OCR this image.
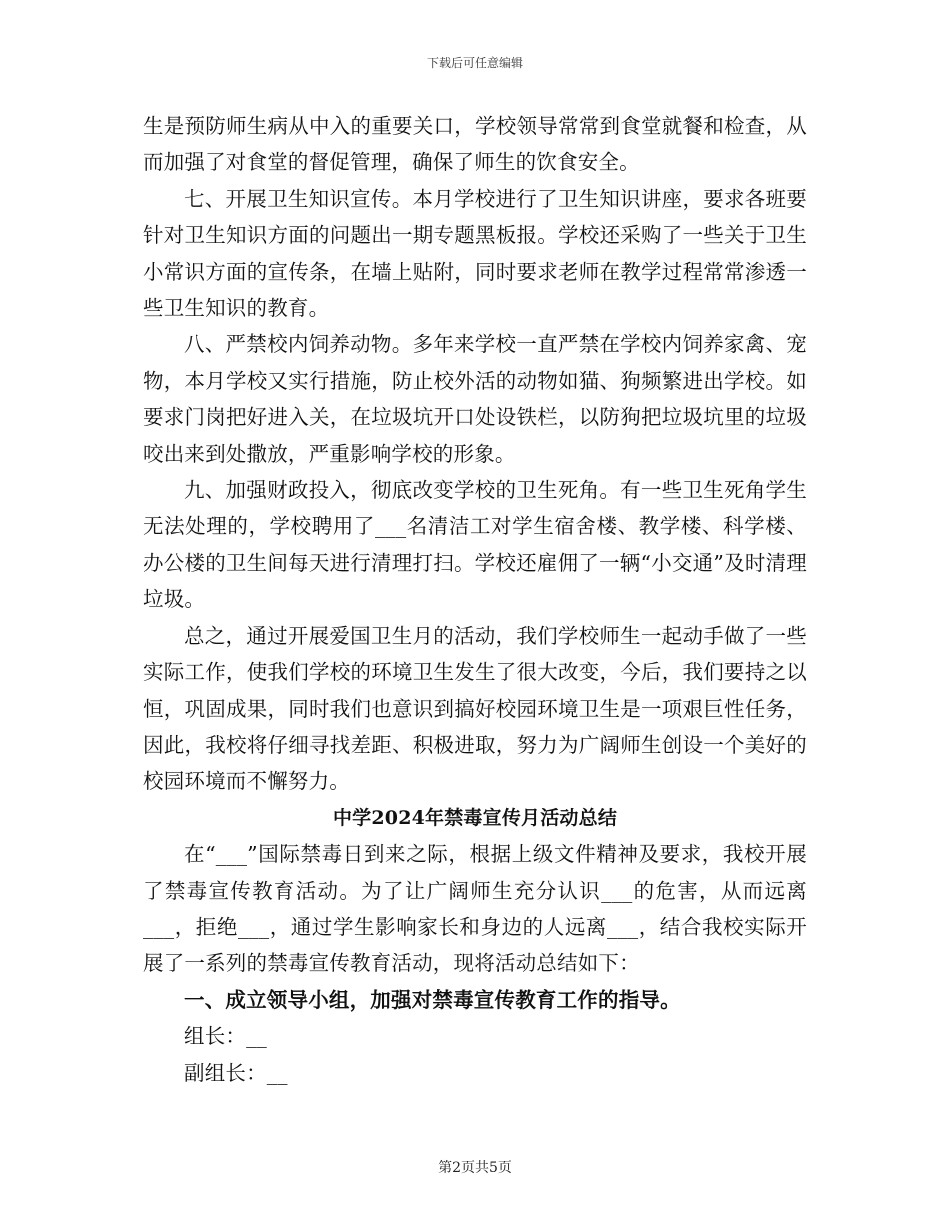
下载后可任意编辑

生是预防师生病从中入的重要关口，学校领导常常到食堂就餐和检查，从而加强了对食堂的督促管理，确保了师生的饮食安全。

七、开展卫生知识宣传。本月学校进行了卫生知识讲座，要求各班要针对卫生知识方面的问题出一期专题黑板报。学校还采购了一些关于卫生小常识方面的宣传条，在墙上贴附，同时要求老师在教学过程常常渗透一些卫生知识的教育。

八、严禁校内饲养动物。多年来学校一直严禁在学校内饲养家禽、宠物，本月学校又实行措施，防止校外活的动物如猫、狗频繁进出学校。如要求门岗把好进入关，在垃圾坑开口处设铁栏，以防狗把垃圾坑里的垃圾咬出来到处撒放，严重影响学校的形象。

九、加强财政投入，彻底改变学校的卫生死角。有一些卫生死角学生无法处理的，学校聘用了___名清洁工对学生宿舍楼、教学楼、科学楼、办公楼的卫生间每天进行清理打扫。学校还雇佣了一辆“小交通”及时清理垃圾。

总之，通过开展爱国卫生月的活动，我们学校师生一起动手做了一些实际工作，使我们学校的环境卫生发生了很大改变，今后，我们要持之以恒，巩固成果，同时我们也意识到搞好校园环境卫生是一项艰巨性任务，因此，我校将仔细寻找差距、积极进取，努力为广阔师生创设一个美好的校园环境而不懈努力。

中学2024年禁毒宣传月活动总结

在“___”国际禁毒日到来之际，根据上级文件精神及要求，我校开展了禁毒宣传教育活动。为了让广阔师生充分认识___的危害，从而远离___，拒绝___，通过学生影响家长和身边的人远离___，结合我校实际开展了一系列的禁毒宣传教育活动，现将活动总结如下：

一、成立领导小组，加强对禁毒宣传教育工作的指导。

组长：__

副组长：__

第2页共5页
